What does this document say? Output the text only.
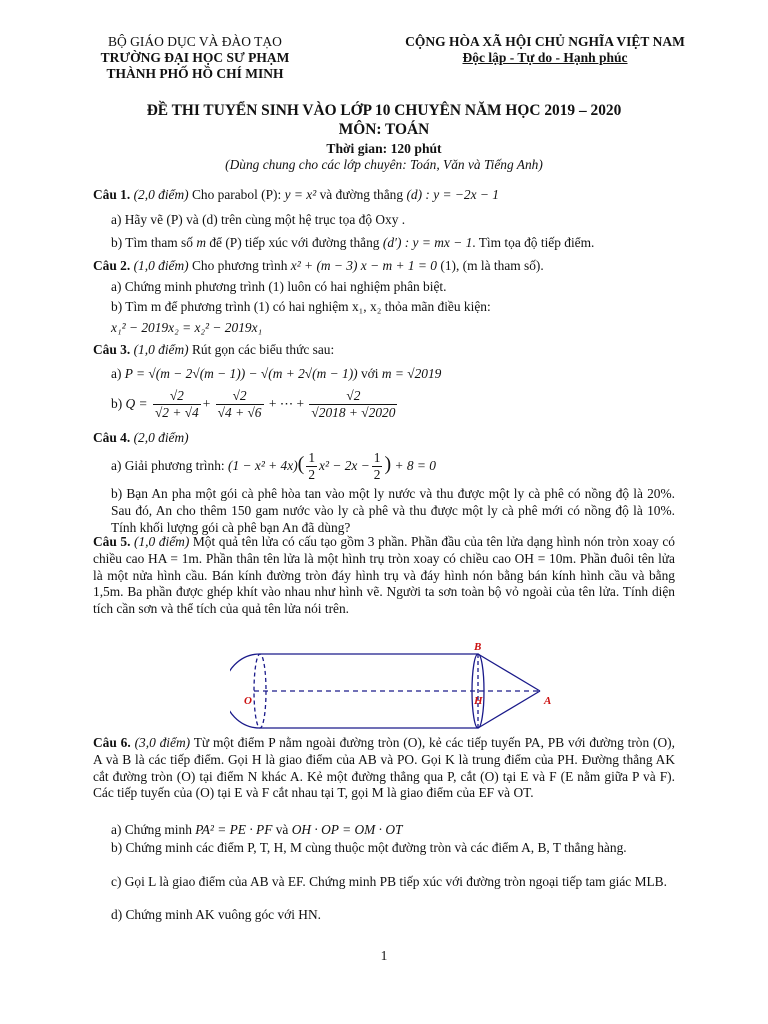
BỘ GIÁO DỤC VÀ ĐÀO TẠO
TRƯỜNG ĐẠI HỌC SƯ PHẠM
THÀNH PHỐ HỒ CHÍ MINH
CỘNG HÒA XÃ HỘI CHỦ NGHĨA VIỆT NAM

Độc lập - Tự do - Hạnh phúc
ĐỀ THI TUYỂN SINH VÀO LỚP 10 CHUYÊN NĂM HỌC 2019 – 2020
MÔN: TOÁN
Thời gian: 120 phút
(Dùng chung cho các lớp chuyên: Toán, Văn và Tiếng Anh)
Câu 1. (2,0 điểm) Cho parabol (P): y = x² và đường thẳng (d) : y = −2x − 1
a) Hãy vẽ (P) và (d) trên cùng một hệ trục tọa độ Oxy .
b) Tìm tham số m để (P) tiếp xúc với đường thẳng (d′) : y = mx − 1. Tìm tọa độ tiếp điểm.
Câu 2. (1,0 điểm) Cho phương trình x² + (m − 3) x − m + 1 = 0 (1), (m là tham số).
a) Chứng minh phương trình (1) luôn có hai nghiệm phân biệt.
b) Tìm m để phương trình (1) có hai nghiệm x₁, x₂ thỏa mãn điều kiện:
x₁² − 2019x₂ = x₂² − 2019x₁
Câu 3. (1,0 điểm) Rút gọn các biểu thức sau:
a) P = √(m − 2√(m − 1)) − √(m + 2√(m − 1)) với m = √2019
b) $Q = \frac{√2}{√2 + √4} + \frac{√2}{√4 + √6}$ + ⋯ + $\frac{√2}{√2018 + √2020}$
Câu 4. (2,0 điểm)
a) Giải phương trình: $(1 - x^2 + 4x)( \frac{1}{2} x^2 - 2x - \frac{1}{2}$ ) + 8 = 0
b) Bạn An pha một gói cà phê hòa tan vào một ly nước và thu được một ly cà phê có nồng độ là 20%. Sau đó, An cho thêm 150 gam nước vào ly cà phê và thu được một ly cà phê mới có nồng độ là 10%. Tính khối lượng gói cà phê bạn An đã dùng?
Câu 5. (1,0 điểm) Một quả tên lửa có cấu tạo gồm 3 phần. Phần đầu của tên lửa dạng hình nón tròn xoay có chiều cao HA = 1m. Phần thân tên lửa là một hình trụ tròn xoay có chiều cao OH = 10m. Phần đuôi tên lửa là một nửa hình cầu. Bán kính đường tròn đáy hình trụ và đáy hình nón bằng bán kính hình cầu và bằng 1,5m. Ba phần được ghép khít vào nhau như hình vẽ. Người ta sơn toàn bộ vỏ ngoài của tên lửa. Tính diện tích cần sơn và thể tích của quả tên lửa nói trên.
B
O	H	A
Câu 6. (3,0 điểm) Từ một điểm P nằm ngoài đường tròn (O), kẻ các tiếp tuyến PA, PB với đường tròn (O), A và B là các tiếp điểm. Gọi H là giao điểm của AB và PO. Gọi K là trung điểm của PH. Đường thẳng AK cắt đường tròn (O) tại điểm N khác A. Kẻ một đường thẳng qua P, cắt (O) tại E và F (E nằm giữa P và F). Các tiếp tuyến của (O) tại E và F cắt nhau tại T, gọi M là giao điểm của EF và OT.
a) Chứng minh PA² = PE · PF và OH · OP = OM · OT
b) Chứng minh các điểm P, T, H, M cùng thuộc một đường tròn và các điểm A, B, T thẳng hàng.
c) Gọi L là giao điểm của AB và EF. Chứng minh PB tiếp xúc với đường tròn ngoại tiếp tam giác MLB.
d) Chứng minh AK vuông góc với HN.
1
